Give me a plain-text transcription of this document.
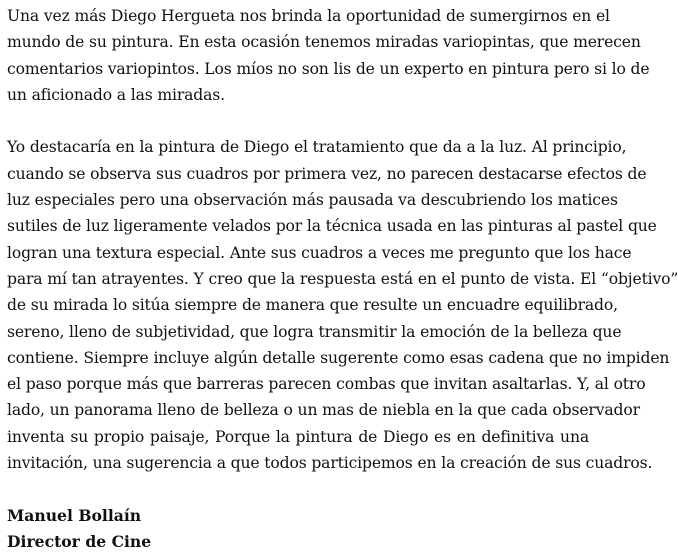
Una vez más Diego Hergueta nos brinda la oportunidad de sumergirnos en el
mundo de su pintura. En esta ocasión tenemos miradas variopintas, que merecen
comentarios variopintos. Los míos no son lis de un experto en pintura pero si lo de
un aficionado a las miradas.
Yo destacaría en la pintura de Diego el tratamiento que da a la luz. Al principio,
cuando se observa sus cuadros por primera vez, no parecen destacarse efectos de
luz especiales pero una observación más pausada va descubriendo los matices
sutiles de luz ligeramente velados por la técnica usada en las pinturas al pastel que
logran una textura especial. Ante sus cuadros a veces me pregunto que los hace
para mí tan atrayentes. Y creo que la respuesta está en el punto de vista. El “objetivo”
de su mirada lo sitúa siempre de manera que resulte un encuadre equilibrado,
sereno, lleno de subjetividad, que logra transmitir la emoción de la belleza que
contiene. Siempre incluye algún detalle sugerente como esas cadena que no impiden
el paso porque más que barreras parecen combas que invitan asaltarlas. Y, al otro
lado, un panorama lleno de belleza o un mas de niebla en la que cada observador
inventa su propio paisaje, Porque la pintura de Diego es en definitiva una
invitación, una sugerencia a que todos participemos en la creación de sus cuadros.
Manuel Bollaín
Director de Cine
